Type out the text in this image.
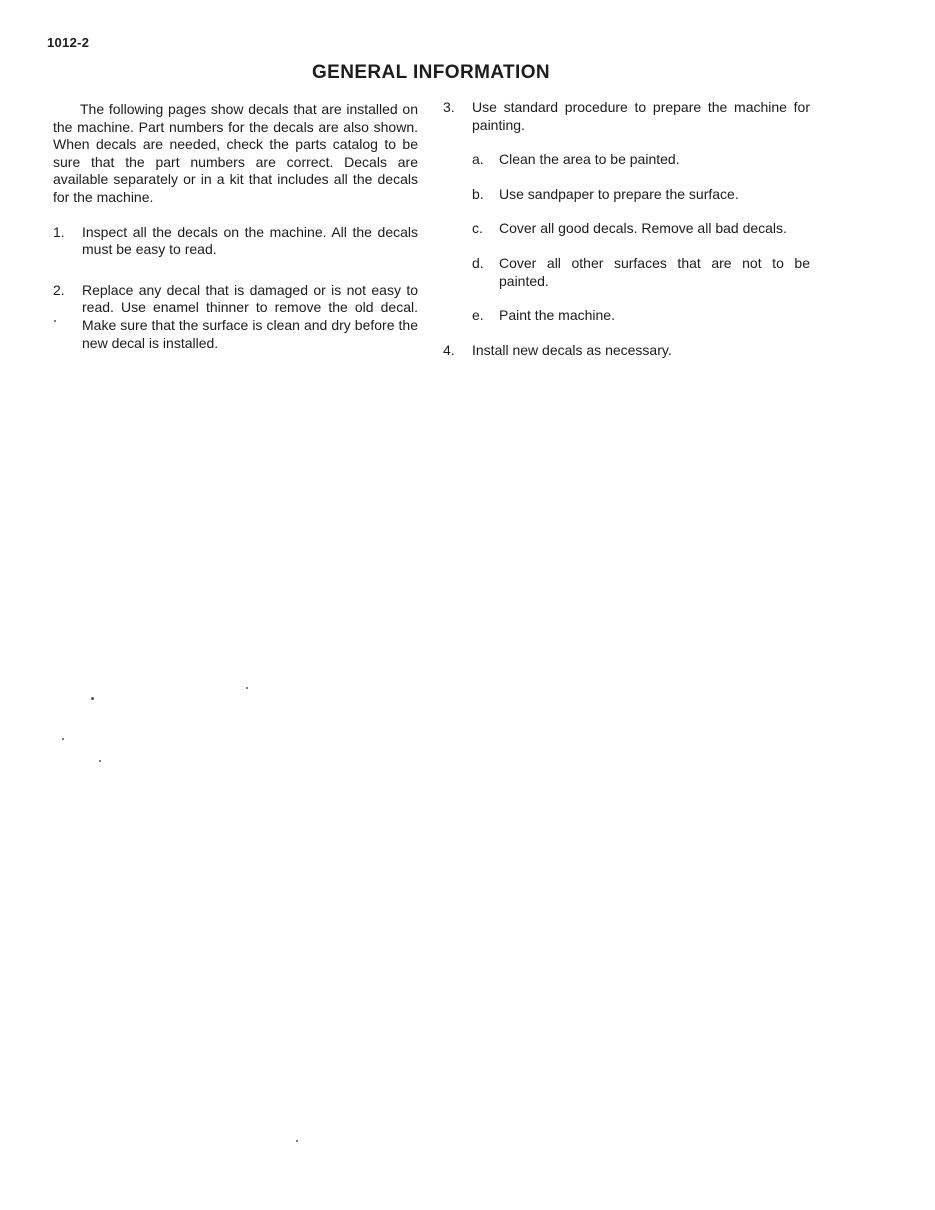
1012-2
GENERAL INFORMATION

The following pages show decals that are installed on the machine. Part numbers for the decals are also shown. When decals are needed, check the parts catalog to be sure that the part numbers are correct. Decals are available separately or in a kit that includes all the decals for the machine.

1.	Inspect all the decals on the machine. All the decals must be easy to read.
2.	Replace any decal that is damaged or is not easy to read. Use enamel thinner to remove the old decal. Make sure that the surface is clean and dry before the new decal is installed.
3.	Use standard procedure to prepare the machine for painting.
a.	Clean the area to be painted.
b.	Use sandpaper to prepare the surface.
c.	Cover all good decals. Remove all bad decals.
d.	Cover all other surfaces that are not to be painted.
e.	Paint the machine.
4.	Install new decals as necessary.
